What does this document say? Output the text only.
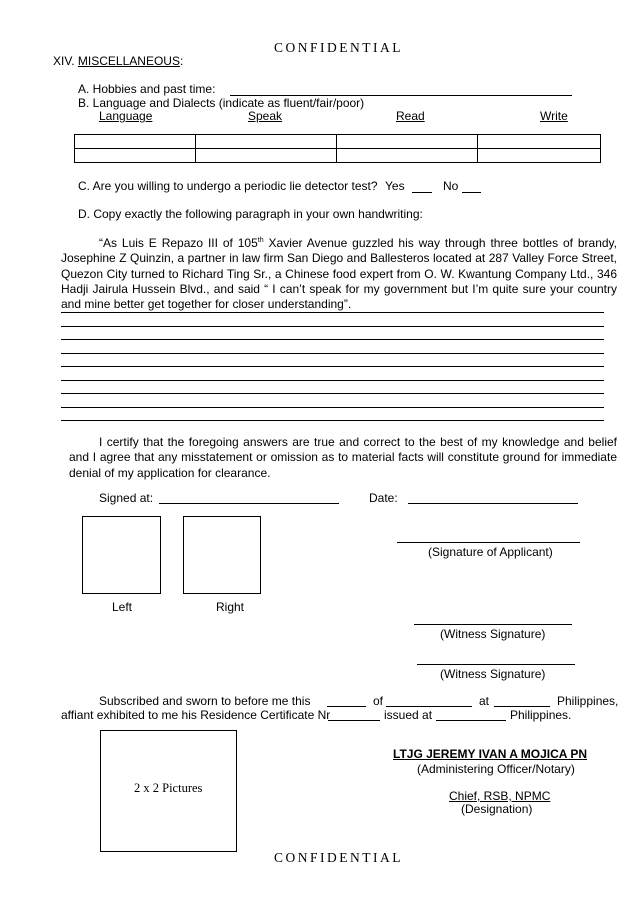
CONFIDENTIAL
XIV. MISCELLANEOUS:
A. Hobbies and past time:
B. Language and Dialects (indicate as fluent/fair/poor)
Language	Speak	Read	Write

C. Are you willing to undergo a periodic lie detector test? Yes	No
D. Copy exactly the following paragraph in your own handwriting:
“As Luis E Repazo III of 105th Xavier Avenue guzzled his way through three bottles of brandy, Josephine Z Quinzin, a partner in law firm San Diego and Ballesteros located at 287 Valley Force Street, Quezon City turned to Richard Ting Sr., a Chinese food expert from O. W. Kwantung Company Ltd., 346 Hadji Jairula Hussein Blvd., and said “ I can’t speak for my government but I’m quite sure your country and mine better get together for closer understanding”.
I certify that the foregoing answers are true and correct to the best of my knowledge and belief and I agree that any misstatement or omission as to material facts will constitute ground for immediate denial of my application for clearance.
Signed at:	Date:
Left	Right
(Signature of Applicant)
(Witness Signature)
(Witness Signature)
Subscribed and sworn to before me this	of	at	Philippines,
affiant exhibited to me his Residence Certificate Nr	issued at	Philippines.
2 x 2 Pictures
LTJG JEREMY IVAN A MOJICA PN
(Administering Officer/Notary)
Chief, RSB, NPMC
(Designation)
CONFIDENTIAL
